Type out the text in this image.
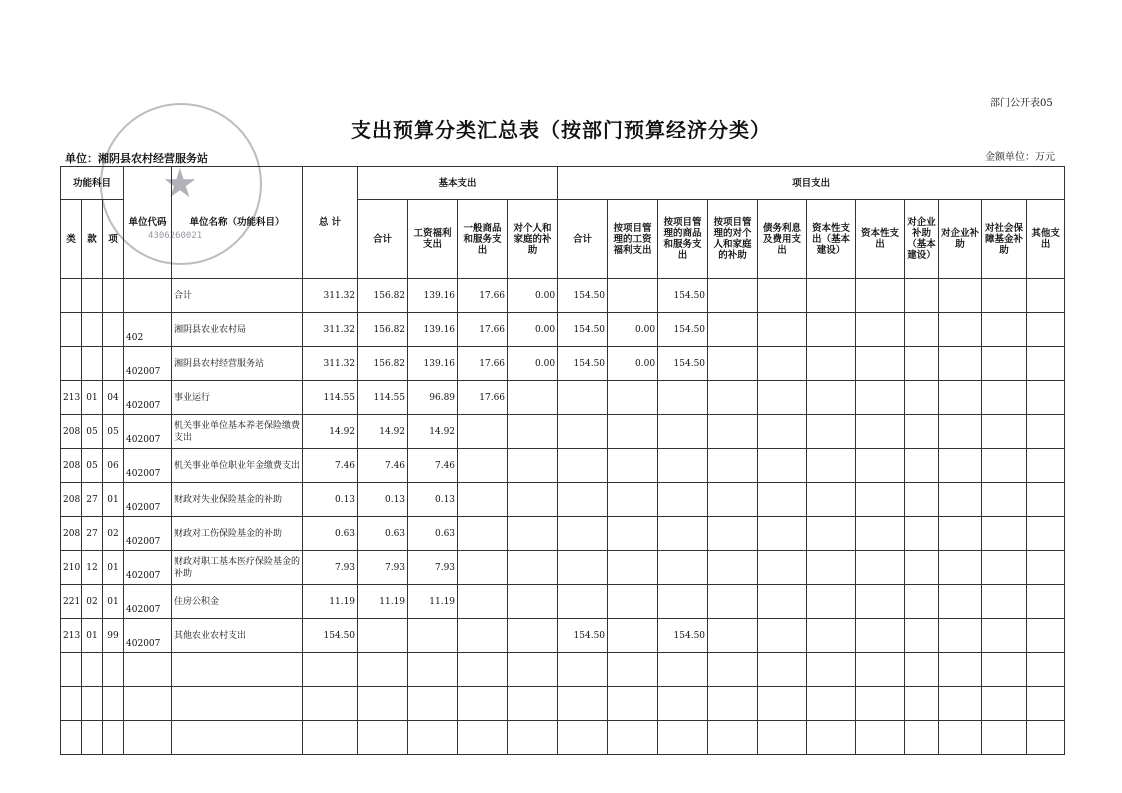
部门公开表05
支出预算分类汇总表（按部门预算经济分类）
★
4306260021
单位：湘阴县农村经营服务站	金额单位：万元
功能科目			单位代码	单位名称（功能科目）	总 计	基本支出				项目支出										
类	款	项				合计	工资福利支出	一般商品和服务支出	对个人和家庭的补助	合计	按项目管理的工资福利支出	按项目管理的商品和服务支出	按项目管理的对个人和家庭的补助	债务利息及费用支出	资本性支出（基本建设）	资本性支出	对企业补助（基本建设）	对企业补助	对社会保障基金补助	其他支出
				合计	311.32	156.82	139.16	17.66	0.00	154.50		154.50								
			402	湘阴县农业农村局	311.32	156.82	139.16	17.66	0.00	154.50	0.00	154.50								
			402007	湘阴县农村经营服务站	311.32	156.82	139.16	17.66	0.00	154.50	0.00	154.50								
213	01	04	402007	事业运行	114.55	114.55	96.89	17.66												
208	05	05	402007	机关事业单位基本养老保险缴费支出	14.92	14.92	14.92													
208	05	06	402007	机关事业单位职业年金缴费支出	7.46	7.46	7.46													
208	27	01	402007	财政对失业保险基金的补助	0.13	0.13	0.13													
208	27	02	402007	财政对工伤保险基金的补助	0.63	0.63	0.63													
210	12	01	402007	财政对职工基本医疗保险基金的补助	7.93	7.93	7.93													
221	02	01	402007	住房公积金	11.19	11.19	11.19													
213	01	99	402007	其他农业农村支出	154.50					154.50		154.50								
